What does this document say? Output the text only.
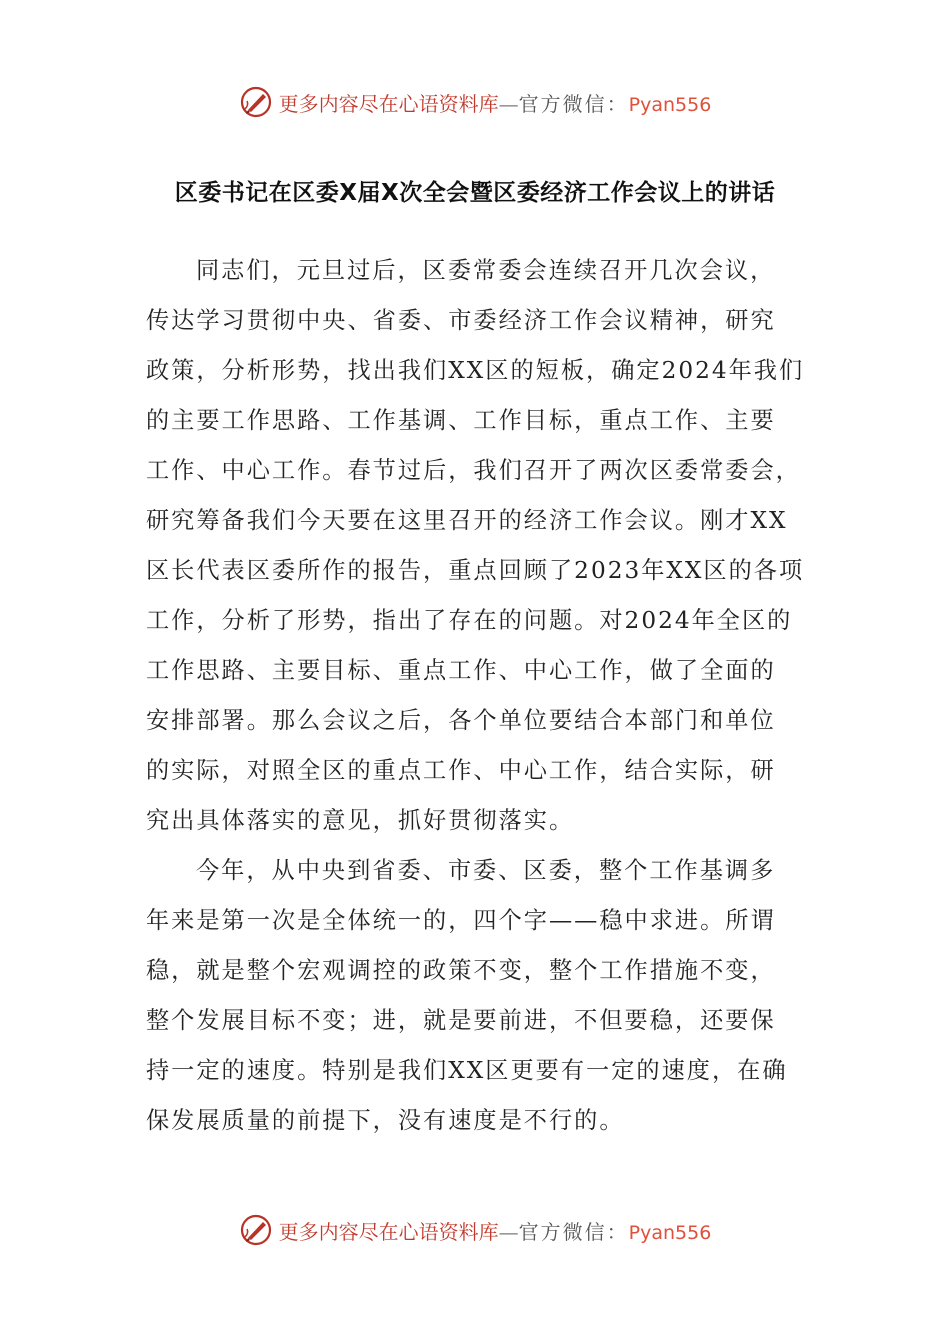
更多内容尽在心语资料库—官方微信：Pyan556
区委书记在区委X届X次全会暨区委经济工作会议上的讲话
同志们，元旦过后，区委常委会连续召开几次会议，
传达学习贯彻中央、省委、市委经济工作会议精神，研究
政策，分析形势，找出我们XX区的短板，确定2024年我们
的主要工作思路、工作基调、工作目标，重点工作、主要
工作、中心工作。春节过后，我们召开了两次区委常委会，
研究筹备我们今天要在这里召开的经济工作会议。刚才XX
区长代表区委所作的报告，重点回顾了2023年XX区的各项
工作，分析了形势，指出了存在的问题。对2024年全区的
工作思路、主要目标、重点工作、中心工作，做了全面的
安排部署。那么会议之后，各个单位要结合本部门和单位
的实际，对照全区的重点工作、中心工作，结合实际，研
究出具体落实的意见，抓好贯彻落实。
今年，从中央到省委、市委、区委，整个工作基调多
年来是第一次是全体统一的，四个字——稳中求进。所谓
稳，就是整个宏观调控的政策不变，整个工作措施不变，
整个发展目标不变；进，就是要前进，不但要稳，还要保
持一定的速度。特别是我们XX区更要有一定的速度，在确
保发展质量的前提下，没有速度是不行的。
更多内容尽在心语资料库—官方微信：Pyan556
